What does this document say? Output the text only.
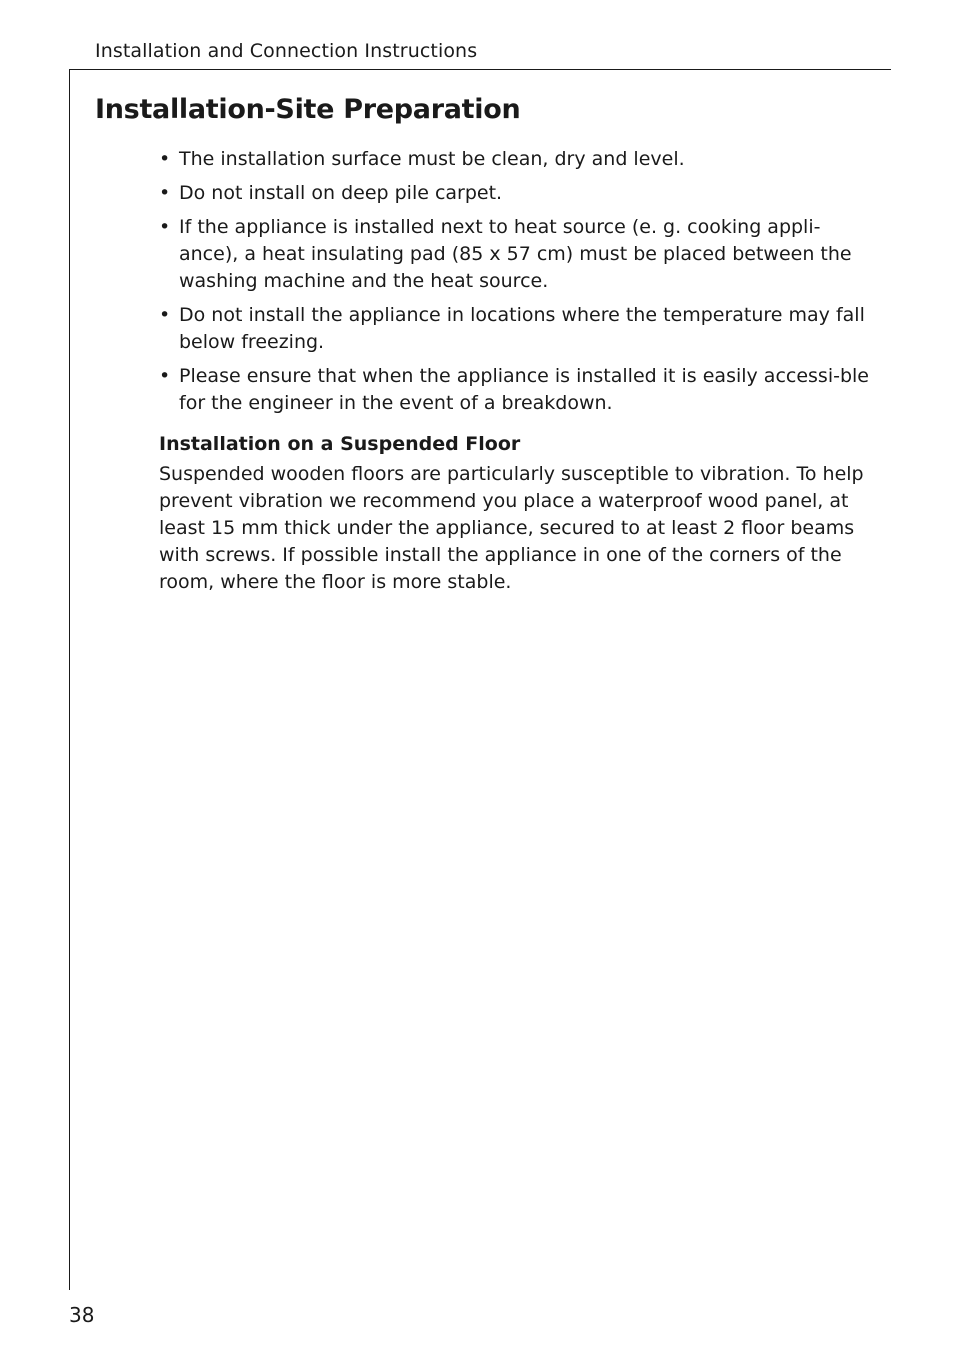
Installation and Connection Instructions
Installation-Site Preparation
• The installation surface must be clean, dry and level.
• Do not install on deep pile carpet.
• If the appliance is installed next to heat source (e. g. cooking appli-ance), a heat insulating pad (85 x 57 cm) must be placed between the washing machine and the heat source.
• Do not install the appliance in locations where the temperature may fall below freezing.
• Please ensure that when the appliance is installed it is easily accessi-ble for the engineer in the event of a breakdown.
Installation on a Suspended Floor

Suspended wooden floors are particularly susceptible to vibration. To help prevent vibration we recommend you place a waterproof wood panel, at least 15 mm thick under the appliance, secured to at least 2 floor beams with screws. If possible install the appliance in one of the corners of the room, where the floor is more stable.

38
